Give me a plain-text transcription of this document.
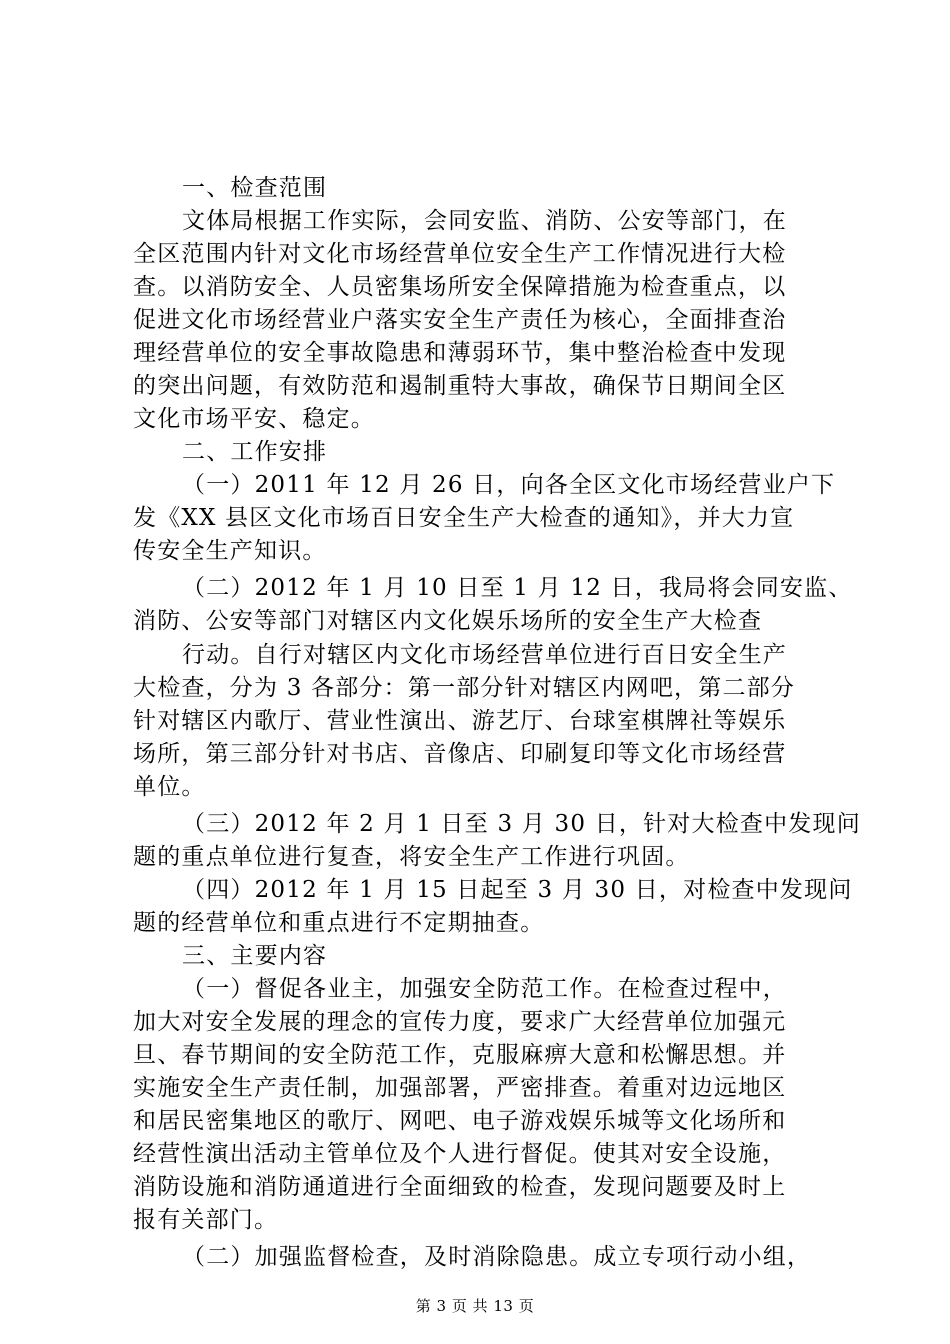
一、检查范围
文体局根据工作实际，会同安监、消防、公安等部门，在
全区范围内针对文化市场经营单位安全生产工作情况进行大检
查。以消防安全、人员密集场所安全保障措施为检查重点，以
促进文化市场经营业户落实安全生产责任为核心，全面排查治
理经营单位的安全事故隐患和薄弱环节，集中整治检查中发现
的突出问题，有效防范和遏制重特大事故，确保节日期间全区
文化市场平安、稳定。
二、工作安排
（一）2011 年 12 月 26 日，向各全区文化市场经营业户下
发《XX 县区文化市场百日安全生产大检查的通知》，并大力宣
传安全生产知识。
（二）2012 年 1 月 10 日至 1 月 12 日，我局将会同安监、
消防、公安等部门对辖区内文化娱乐场所的安全生产大检查
行动。自行对辖区内文化市场经营单位进行百日安全生产
大检查，分为 3 各部分：第一部分针对辖区内网吧，第二部分
针对辖区内歌厅、营业性演出、游艺厅、台球室棋牌社等娱乐
场所，第三部分针对书店、音像店、印刷复印等文化市场经营
单位。
（三）2012 年 2 月 1 日至 3 月 30 日，针对大检查中发现问
题的重点单位进行复查，将安全生产工作进行巩固。
（四）2012 年 1 月 15 日起至 3 月 30 日，对检查中发现问
题的经营单位和重点进行不定期抽查。
三、主要内容
（一）督促各业主，加强安全防范工作。在检查过程中，
加大对安全发展的理念的宣传力度，要求广大经营单位加强元
旦、春节期间的安全防范工作，克服麻痹大意和松懈思想。并
实施安全生产责任制，加强部署，严密排查。着重对边远地区
和居民密集地区的歌厅、网吧、电子游戏娱乐城等文化场所和
经营性演出活动主管单位及个人进行督促。使其对安全设施，
消防设施和消防通道进行全面细致的检查，发现问题要及时上
报有关部门。
（二）加强监督检查，及时消除隐患。成立专项行动小组，
第 3 页 共 13 页
